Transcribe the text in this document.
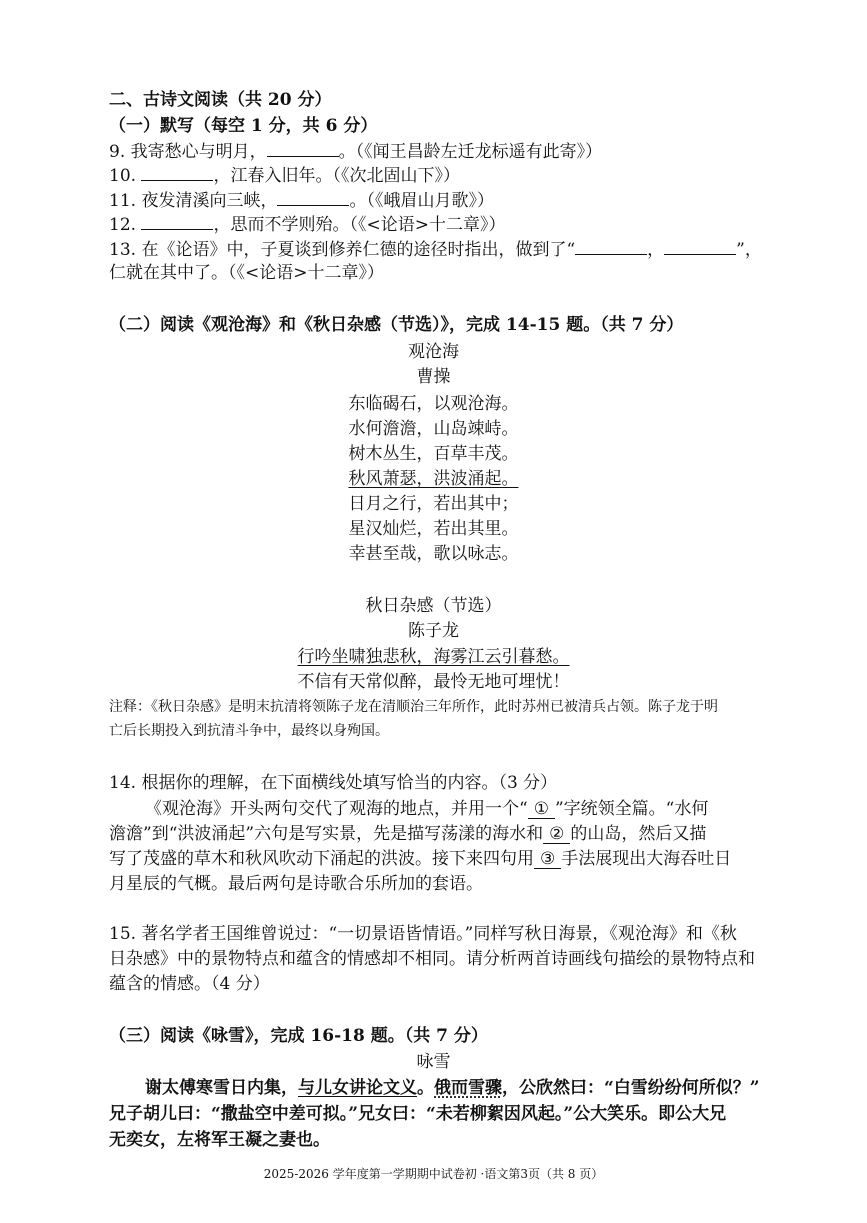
二、古诗文阅读（共 20 分）
（一）默写（每空 1 分，共 6 分）
9. 我寄愁心与明月，	。（《闻王昌龄左迁龙标遥有此寄》）
10.	，江春入旧年。（《次北固山下》）
11. 夜发清溪向三峡，	。（《峨眉山月歌》）
12.	，思而不学则殆。（《<论语>十二章》）
13. 在《论语》中，子夏谈到修养仁德的途径时指出，做到了“	，	”，
仁就在其中了。（《<论语>十二章》）
（二）阅读《观沧海》和《秋日杂感（节选）》，完成 14-15 题。（共 7 分）
观沧海
曹操
东临碣石，以观沧海。
水何澹澹，山岛竦峙。
树木丛生，百草丰茂。
秋风萧瑟，洪波涌起。
日月之行，若出其中；
星汉灿烂，若出其里。
幸甚至哉，歌以咏志。
秋日杂感（节选）
陈子龙
行吟坐啸独悲秋，海雾江云引暮愁。
不信有天常似醉，最怜无地可埋忧！
注释：《秋日杂感》是明末抗清将领陈子龙在清顺治三年所作，此时苏州已被清兵占领。陈子龙于明
亡后长期投入到抗清斗争中，最终以身殉国。
14. 根据你的理解，在下面横线处填写恰当的内容。（3 分）
《观沧海》开头两句交代了观海的地点，并用一个“ ① ”字统领全篇。“水何
澹澹”到“洪波涌起”六句是写实景，先是描写荡漾的海水和 ② 的山岛，然后又描
写了茂盛的草木和秋风吹动下涌起的洪波。接下来四句用 ③ 手法展现出大海吞吐日
月星辰的气概。最后两句是诗歌合乐所加的套语。
15. 著名学者王国维曾说过：“一切景语皆情语。”同样写秋日海景，《观沧海》和《秋
日杂感》中的景物特点和蕴含的情感却不相同。请分析两首诗画线句描绘的景物特点和
蕴含的情感。（4 分）
（三）阅读《咏雪》，完成 16-18 题。（共 7 分）
咏雪
谢太傅寒雪日内集，与儿女讲论文义。俄而雪骤，公欣然曰：“白雪纷纷何所似？”
兄子胡儿曰：“撒盐空中差可拟。”兄女曰：“未若柳絮因风起。”公大笑乐。即公大兄
无奕女，左将军王凝之妻也。
2025-2026 学年度第一学期期中试卷初 ·语文第3页（共 8 页）
